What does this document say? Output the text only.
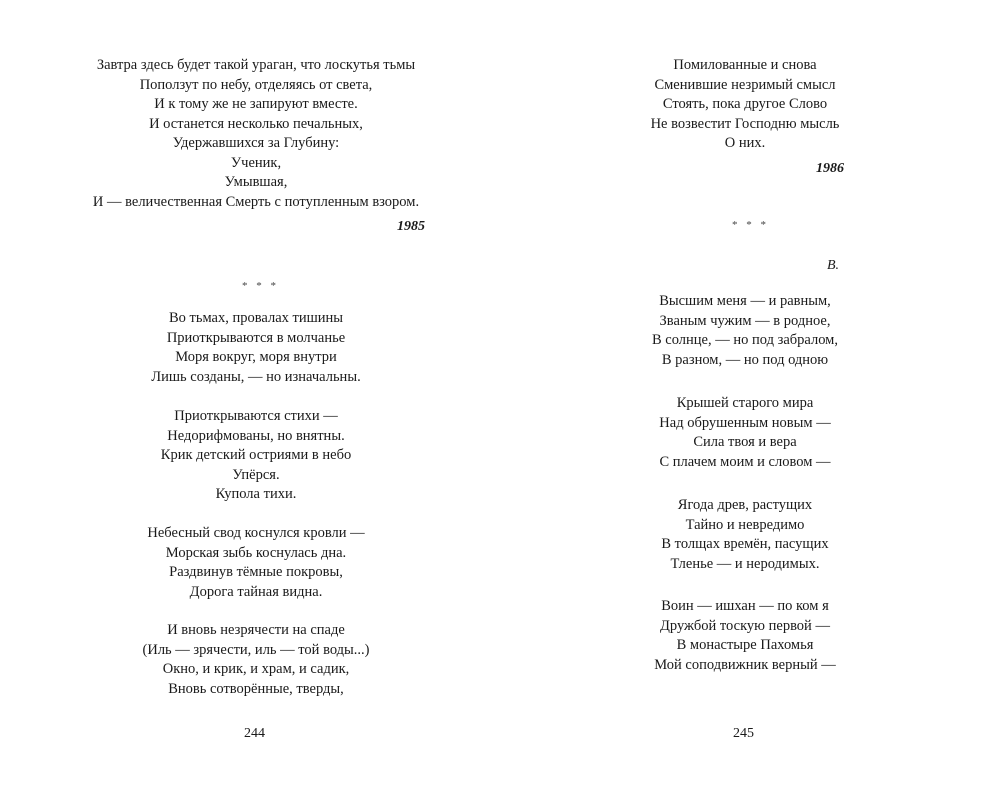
Завтра здесь будет такой ураган, что лоскутья тьмы
Поползут по небу, отделяясь от света,
И к тому же не запируют вместе.
И останется несколько печальных,
Удержавшихся за Глубину:
Ученик,
Умывшая,
И — величественная Смерть с потупленным взором.
1985
* * *
Во тьмах, провалах тишины
Приоткрываются в молчанье
Моря вокруг, моря внутри
Лишь созданы, — но изначальны.
Приоткрываются стихи —
Недорифмованы, но внятны.
Крик детский остриями в небо
Упёрся.
Купола тихи.
Небесный свод коснулся кровли —
Морская зыбь коснулась дна.
Раздвинув тёмные покровы,
Дорога тайная видна.
И вновь незрячести на спаде
(Иль — зрячести, иль — той воды...)
Окно, и крик, и храм, и садик,
Вновь сотворённые, тверды,
244
Помилованные и снова
Сменившие незримый смысл
Стоять, пока другое Слово
Не возвестит Господню мысль
О них.
1986
* * *
В.
Высшим меня — и равным,
Званым чужим — в родное,
В солнце, — но под забралом,
В разном, — но под одною
Крышей старого мира
Над обрушенным новым —
Сила твоя и вера
С плачем моим и словом —
Ягода древ, растущих
Тайно и невредимо
В толщах времён, пасущих
Тленье — и неродимых.
Воин — ишхан — по ком я
Дружбой тоскую первой —
В монастыре Пахомья
Мой соподвижник верный —
245
